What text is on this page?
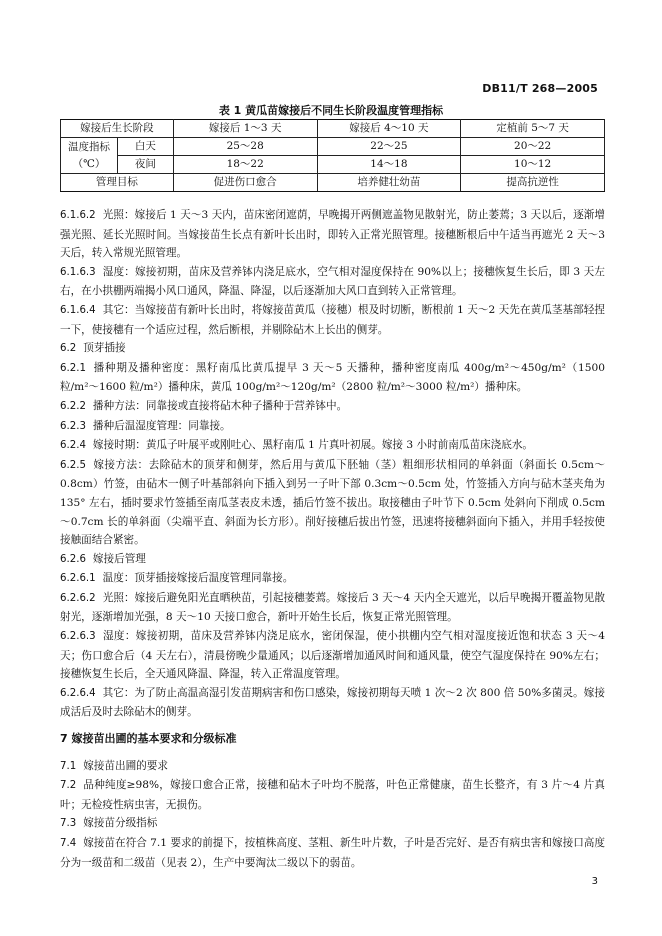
DB11/T 268—2005
表 1 黄瓜苗嫁接后不同生长阶段温度管理指标
嫁接后生长阶段		嫁接后 1～3 天	嫁接后 4～10 天	定植前 5～7 天

温度指标
（℃）	白天	25～28	22～25	20～22
	夜间	18～22	14～18	10～12
管理目标		促进伤口愈合	培养健壮幼苗	提高抗逆性

6.1.6.2 光照：嫁接后 1 天～3 天内，苗床密闭遮荫，早晚揭开两侧遮盖物见散射光，防止萎蔫；3 天以后，逐渐增强光照、延长光照时间。当嫁接苗生长点有新叶长出时，即转入正常光照管理。接穗断根后中午适当再遮光 2 天～3 天后，转入常规光照管理。

6.1.6.3 湿度：嫁接初期，苗床及营养钵内浇足底水，空气相对湿度保持在 90%以上；接穗恢复生长后，即 3 天左右，在小拱棚两端揭小风口通风，降温、降湿，以后逐渐加大风口直到转入正常管理。

6.1.6.4 其它：当嫁接苗有新叶长出时，将嫁接苗黄瓜（接穗）根及时切断，断根前 1 天～2 天先在黄瓜茎基部轻捏一下，使接穗有一个适应过程，然后断根，并剔除砧木上长出的侧芽。

6.2 顶芽插接

6.2.1 播种期及播种密度：黑籽南瓜比黄瓜提早 3 天～5 天播种，播种密度南瓜 400g/m²～450g/m²（1500 粒/m²～1600 粒/m²）播种床，黄瓜 100g/m²～120g/m²（2800 粒/m²～3000 粒/m²）播种床。

6.2.2 播种方法：同靠接或直接将砧木种子播种于营养钵中。

6.2.3 播种后温湿度管理：同靠接。

6.2.4 嫁接时期：黄瓜子叶展平或刚吐心、黑籽南瓜 1 片真叶初展。嫁接 3 小时前南瓜苗床浇底水。

6.2.5 嫁接方法：去除砧木的顶芽和侧芽，然后用与黄瓜下胚轴（茎）粗细形状相同的单斜面（斜面长 0.5cm～0.8cm）竹签，由砧木一侧子叶基部斜向下插入到另一子叶下部 0.3cm～0.5cm 处，竹签插入方向与砧木茎夹角为 135° 左右，插时要求竹签插至南瓜茎表皮未透，插后竹签不拔出。取接穗由子叶节下 0.5cm 处斜向下削成 0.5cm～0.7cm 长的单斜面（尖端平直、斜面为长方形）。削好接穗后拔出竹签，迅速将接穗斜面向下插入，并用手轻按使接触面结合紧密。

6.2.6 嫁接后管理

6.2.6.1 温度：顶芽插接嫁接后温度管理同靠接。

6.2.6.2 光照：嫁接后避免阳光直晒秧苗，引起接穗萎蔫。嫁接后 3 天～4 天内全天遮光，以后早晚揭开覆盖物见散射光，逐渐增加光强，8 天～10 天接口愈合，新叶开始生长后，恢复正常光照管理。

6.2.6.3 湿度：嫁接初期，苗床及营养钵内浇足底水，密闭保湿，使小拱棚内空气相对湿度接近饱和状态 3 天～4 天；伤口愈合后（4 天左右），清晨傍晚少量通风；以后逐渐增加通风时间和通风量，使空气湿度保持在 90%左右；接穗恢复生长后，全天通风降温、降湿，转入正常温度管理。

6.2.6.4 其它：为了防止高温高湿引发苗期病害和伤口感染，嫁接初期每天喷 1 次～2 次 800 倍 50%多菌灵。嫁接成活后及时去除砧木的侧芽。

7 嫁接苗出圃的基本要求和分级标准

7.1 嫁接苗出圃的要求

7.2 品种纯度≥98%，嫁接口愈合正常，接穗和砧木子叶均不脱落，叶色正常健康，苗生长整齐，有 3 片～4 片真叶；无检疫性病虫害，无损伤。

7.3 嫁接苗分级指标

7.4 嫁接苗在符合 7.1 要求的前提下，按植株高度、茎粗、新生叶片数，子叶是否完好、是否有病虫害和嫁接口高度分为一级苗和二级苗（见表 2），生产中要淘汰二级以下的弱苗。

3
